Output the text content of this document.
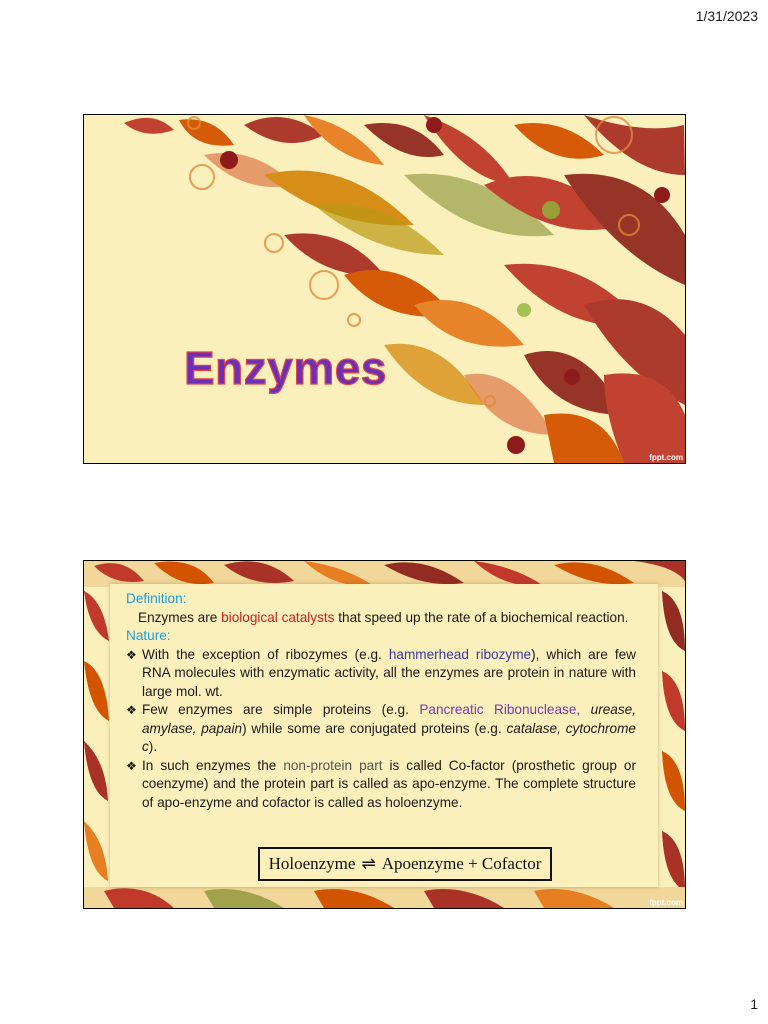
1/31/2023
Enzymes
fppt.com
Definition:
Enzymes are biological catalysts that speed up the rate of a biochemical reaction.
Nature:
❖ With the exception of ribozymes (e.g. hammerhead ribozyme), which are few RNA molecules with enzymatic activity, all the enzymes are protein in nature with large mol. wt.
❖ Few enzymes are simple proteins (e.g. Pancreatic Ribonuclease, urease, amylase, papain) while some are conjugated proteins (e.g. catalase, cytochrome c).
❖ In such enzymes the non-protein part is called Co-factor (prosthetic group or coenzyme) and the protein part is called as apo-enzyme. The complete structure of apo-enzyme and cofactor is called as holoenzyme.
Holoenzyme ⇌ Apoenzyme + Cofactor
fppt.com
1
